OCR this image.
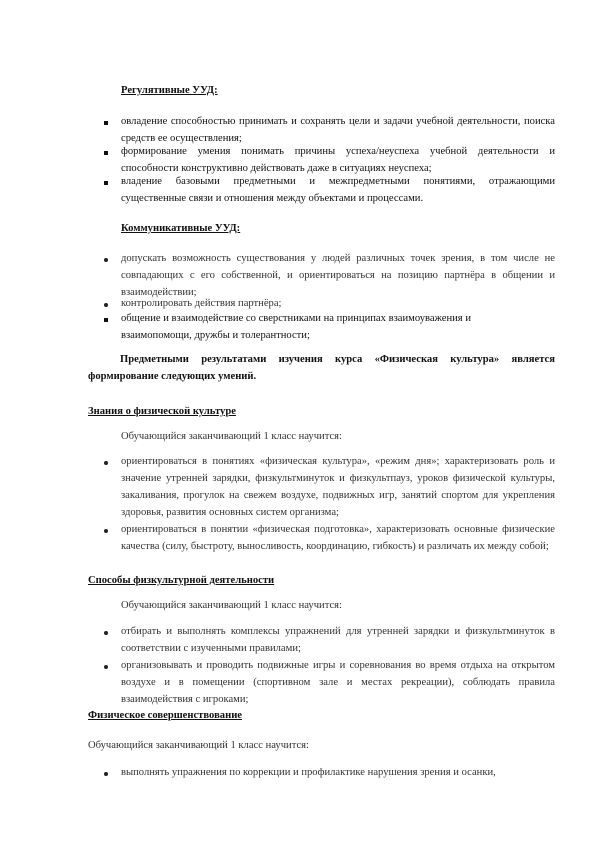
Регулятивные УУД:
овладение способностью принимать и сохранять цели и задачи учебной деятельности, поиска средств ее осуществления;
формирование умения понимать причины успеха/неуспеха учебной деятельности и способности конструктивно действовать даже в ситуациях неуспеха;
владение базовыми предметными и межпредметными понятиями, отражающими существенные связи и отношения между объектами и процессами.
Коммуникативные УУД:
допускать возможность существования у людей различных точек зрения, в том числе не совпадающих с его собственной, и ориентироваться на позицию партнёра в общении и взаимодействии;
контролировать действия партнёра;
общение и взаимодействие со сверстниками на принципах взаимоуважения и взаимопомощи, дружбы и толерантности;
Предметными результатами изучения курса «Физическая культура» является формирование следующих умений.
Знания о физической культуре
Обучающийся заканчивающий 1 класс научится:
ориентироваться в понятиях «физическая культура», «режим дня»; характеризовать роль и значение утренней зарядки, физкультминуток и физкультпауз, уроков физической культуры, закаливания, прогулок на свежем воздухе, подвижных игр, занятий спортом для укрепления здоровья, развития основных систем организма;
ориентироваться в понятии «физическая подготовка», характеризовать основные физические качества (силу, быстроту, выносливость, координацию, гибкость) и различать их между собой;
Способы физкультурной деятельности
Обучающийся заканчивающий 1 класс научится:
отбирать и выполнять комплексы упражнений для утренней зарядки и физкультминуток в соответствии с изученными правилами;
организовывать и проводить подвижные игры и соревнования во время отдыха на открытом воздухе и в помещении (спортивном зале и местах рекреации), соблюдать правила взаимодействия с игроками;
Физическое совершенствование
Обучающийся заканчивающий 1 класс научится:
выполнять упражнения по коррекции и профилактике нарушения зрения и осанки,
